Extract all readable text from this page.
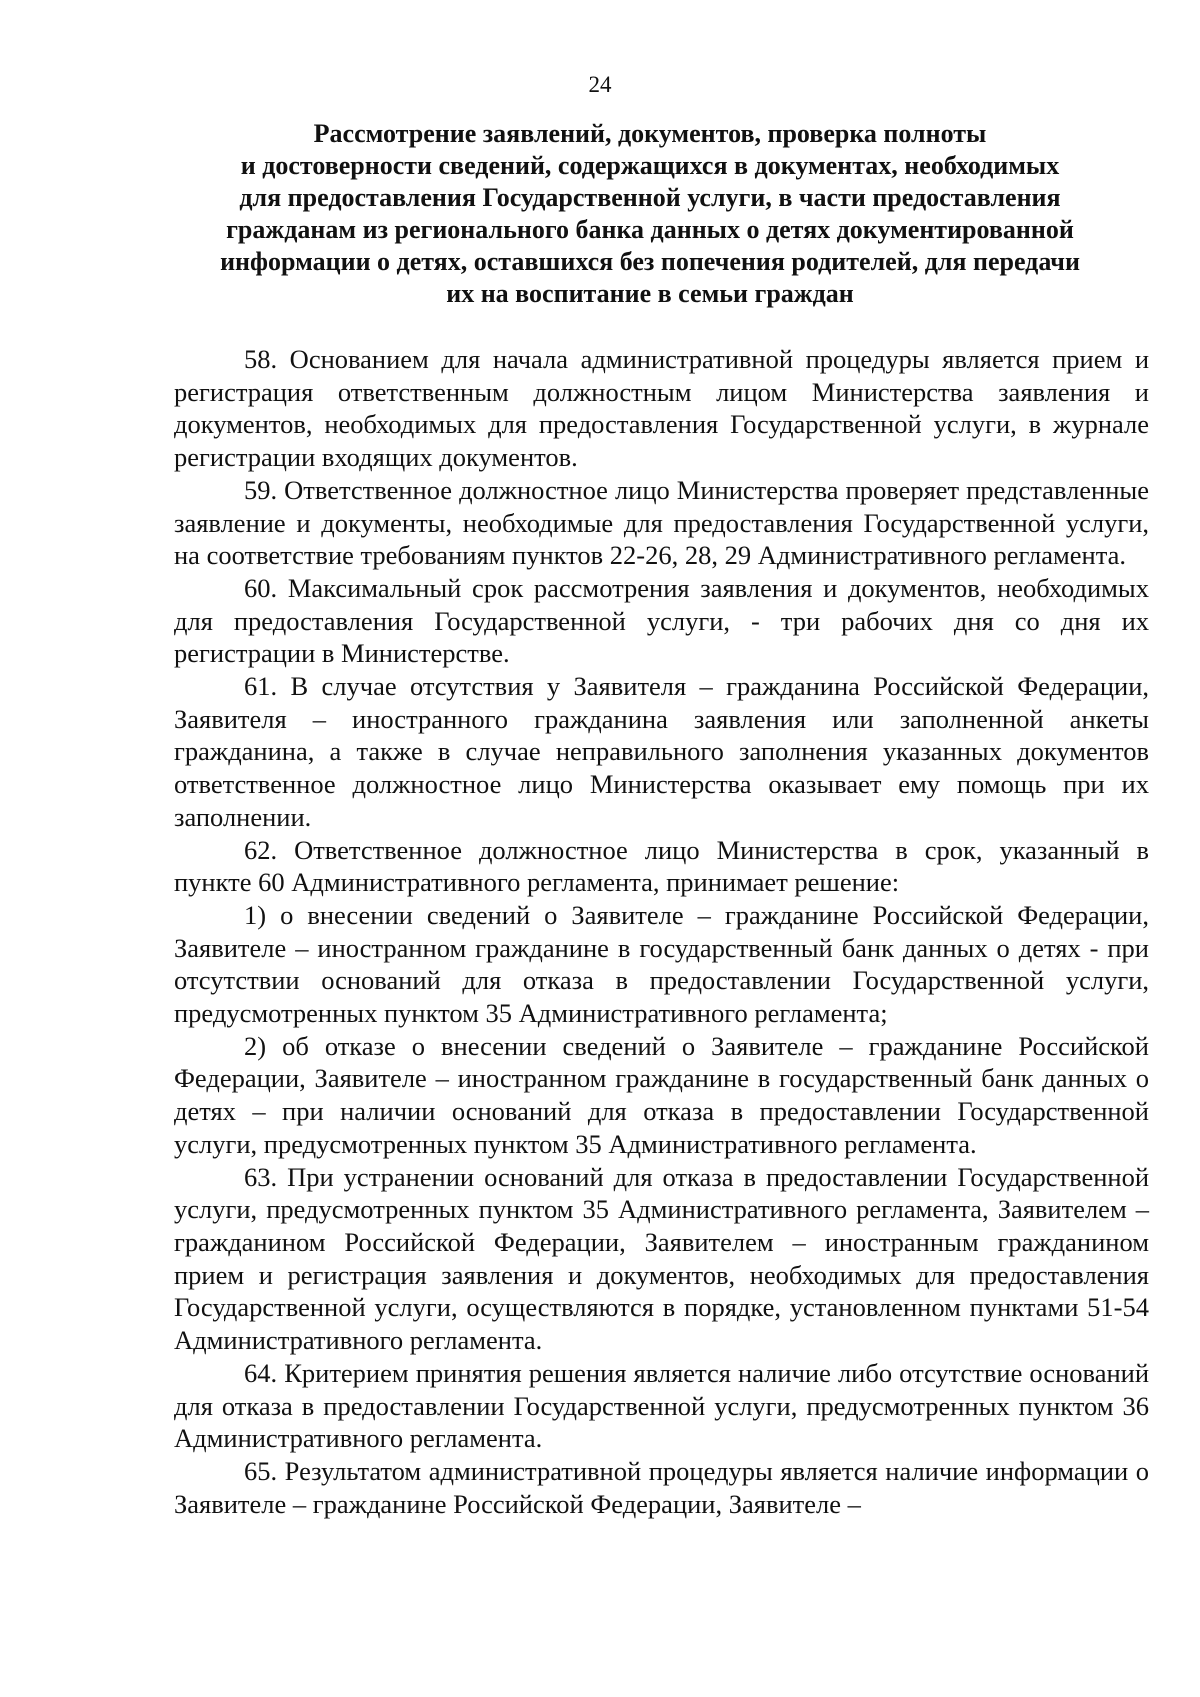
24
Рассмотрение заявлений, документов, проверка полноты
и достоверности сведений, содержащихся в документах, необходимых
для предоставления Государственной услуги, в части предоставления
гражданам из регионального банка данных о детях документированной
информации о детях, оставшихся без попечения родителей, для передачи
их на воспитание в семьи граждан

58. Основанием для начала административной процедуры является прием и регистрация ответственным должностным лицом Министерства заявления и документов, необходимых для предоставления Государственной услуги, в журнале регистрации входящих документов.

59. Ответственное должностное лицо Министерства проверяет представленные заявление и документы, необходимые для предоставления Государственной услуги, на соответствие требованиям пунктов 22-26, 28, 29 Административного регламента.

60. Максимальный срок рассмотрения заявления и документов, необходимых для предоставления Государственной услуги, - три рабочих дня со дня их регистрации в Министерстве.

61. В случае отсутствия у Заявителя – гражданина Российской Федерации, Заявителя – иностранного гражданина заявления или заполненной анкеты гражданина, а также в случае неправильного заполнения указанных документов ответственное должностное лицо Министерства оказывает ему помощь при их заполнении.

62. Ответственное должностное лицо Министерства в срок, указанный в пункте 60 Административного регламента, принимает решение:

1) о внесении сведений о Заявителе – гражданине Российской Федерации, Заявителе – иностранном гражданине в государственный банк данных о детях - при отсутствии оснований для отказа в предоставлении Государственной услуги, предусмотренных пунктом 35 Административного регламента;

2) об отказе о внесении сведений о Заявителе – гражданине Российской Федерации, Заявителе – иностранном гражданине в государственный банк данных о детях – при наличии оснований для отказа в предоставлении Государственной услуги, предусмотренных пунктом 35 Административного регламента.

63. При устранении оснований для отказа в предоставлении Государственной услуги, предусмотренных пунктом 35 Административного регламента, Заявителем – гражданином Российской Федерации, Заявителем – иностранным гражданином прием и регистрация заявления и документов, необходимых для предоставления Государственной услуги, осуществляются в порядке, установленном пунктами 51-54 Административного регламента.

64. Критерием принятия решения является наличие либо отсутствие оснований для отказа в предоставлении Государственной услуги, предусмотренных пунктом 36 Административного регламента.

65. Результатом административной процедуры является наличие информации о Заявителе – гражданине Российской Федерации, Заявителе –
